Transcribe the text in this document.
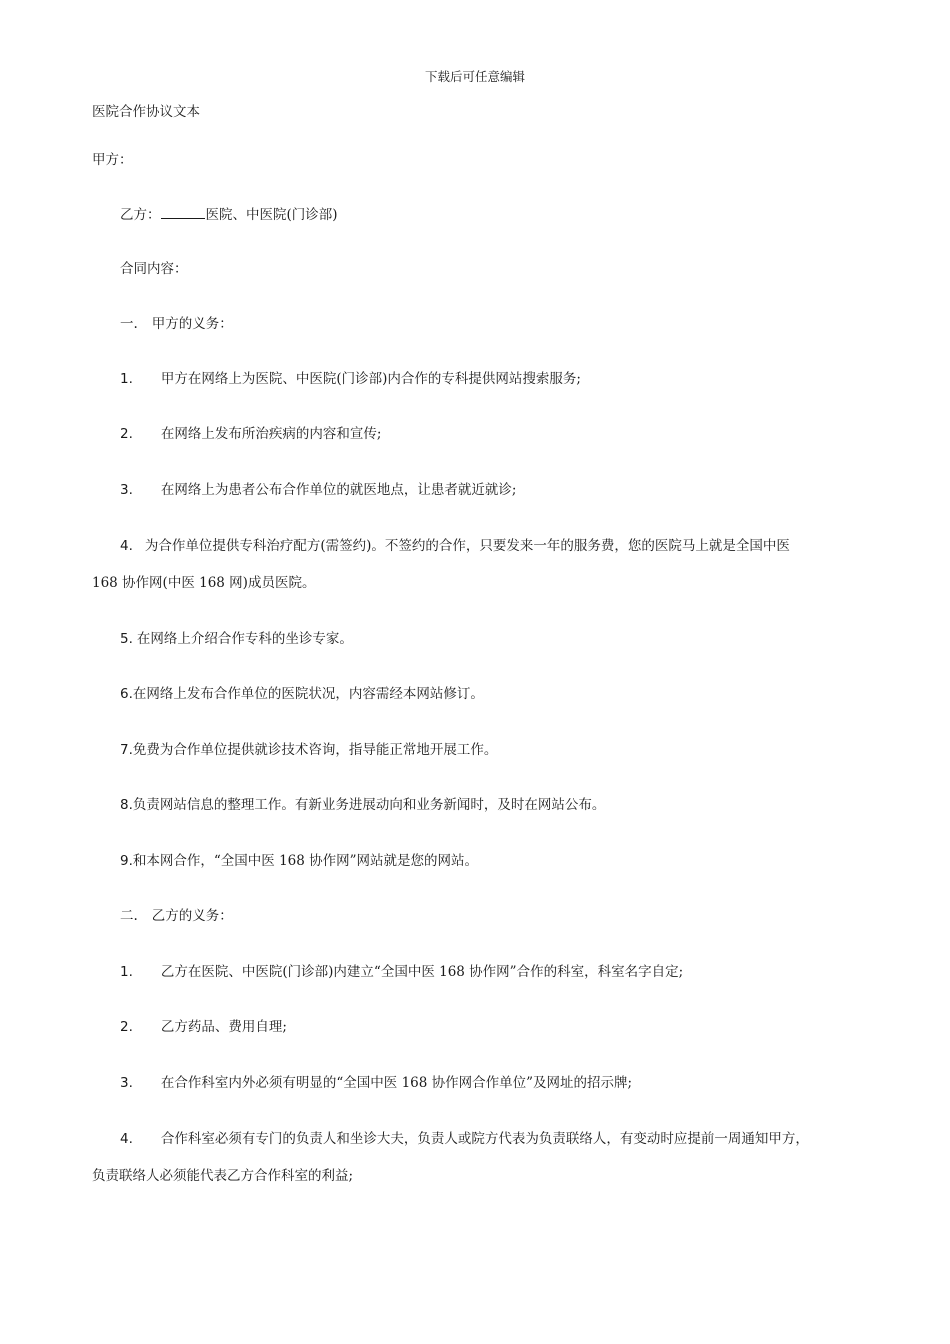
下载后可任意编辑
医院合作协议文本
甲方：
乙方：	医院、中医院(门诊部)
合同内容：
一. 甲方的义务：
1. 甲方在网络上为医院、中医院(门诊部)内合作的专科提供网站搜索服务;
2. 在网络上发布所治疾病的内容和宣传;
3. 在网络上为患者公布合作单位的就医地点，让患者就近就诊;
4. 为合作单位提供专科治疗配方(需签约)。不签约的合作，只要发来一年的服务费，您的医院马上就是全国中医
168 协作网(中医 168 网)成员医院。
5. 在网络上介绍合作专科的坐诊专家。
6.在网络上发布合作单位的医院状况，内容需经本网站修订。
7.免费为合作单位提供就诊技术咨询，指导能正常地开展工作。
8.负责网站信息的整理工作。有新业务进展动向和业务新闻时，及时在网站公布。
9.和本网合作，“全国中医 168 协作网”网站就是您的网站。
二. 乙方的义务：
1. 乙方在医院、中医院(门诊部)内建立“全国中医 168 协作网”合作的科室，科室名字自定;
2. 乙方药品、费用自理;
3. 在合作科室内外必须有明显的“全国中医 168 协作网合作单位”及网址的招示牌;
4. 合作科室必须有专门的负责人和坐诊大夫，负责人或院方代表为负责联络人，有变动时应提前一周通知甲方，
负责联络人必须能代表乙方合作科室的利益;
